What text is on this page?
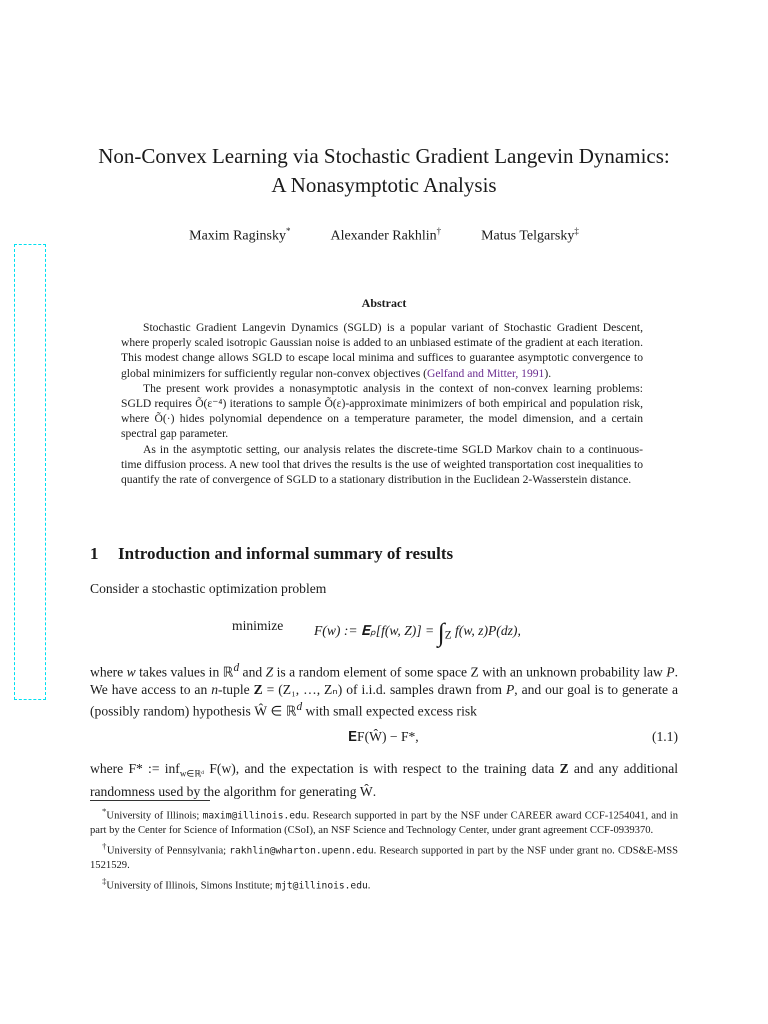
Non-Convex Learning via Stochastic Gradient Langevin Dynamics: A Nonasymptotic Analysis
Maxim Raginsky*	Alexander Rakhlin†	Matus Telgarsky‡
Abstract

Stochastic Gradient Langevin Dynamics (SGLD) is a popular variant of Stochastic Gradient Descent, where properly scaled isotropic Gaussian noise is added to an unbiased estimate of the gradient at each iteration. This modest change allows SGLD to escape local minima and suffices to guarantee asymptotic convergence to global minimizers for sufficiently regular non-convex objectives (Gelfand and Mitter, 1991).

The present work provides a nonasymptotic analysis in the context of non-convex learning problems: SGLD requires Õ(ε⁻⁴) iterations to sample Õ(ε)-approximate minimizers of both empirical and population risk, where Õ(·) hides polynomial dependence on a temperature parameter, the model dimension, and a certain spectral gap parameter.

As in the asymptotic setting, our analysis relates the discrete-time SGLD Markov chain to a continuous-time diffusion process. A new tool that drives the results is the use of weighted transportation cost inequalities to quantify the rate of convergence of SGLD to a stationary distribution in the Euclidean 2-Wasserstein distance.

1 Introduction and informal summary of results
Consider a stochastic optimization problem
minimize F(w) := 𝐄ₚ[f(w, $Z)] = \int_Z$ f(w, z)P(dz),
where w takes values in ℝ$^d$ and Z is a random element of some space Z with an unknown probability law P. We have access to an n-tuple Z = (Z₁, …, Zₙ) of i.i.d. samples drawn from P, and our goal is to generate a (possibly random) hypothesis Ŵ ∈ ℝ$^d$ with small expected excess risk
𝐄F(Ŵ) − F*,	(1.1)
where F* := inf$_{w\in ℝᵈ}$ F(w), and the expectation is with respect to the training data Z and any additional randomness used by the algorithm for generating Ŵ.

*University of Illinois; maxim@illinois.edu. Research supported in part by the NSF under CAREER award CCF-1254041, and in part by the Center for Science of Information (CSoI), an NSF Science and Technology Center, under grant agreement CCF-0939370.

†University of Pennsylvania; rakhlin@wharton.upenn.edu. Research supported in part by the NSF under grant no. CDS&E-MSS 1521529.

‡University of Illinois, Simons Institute; mjt@illinois.edu.
